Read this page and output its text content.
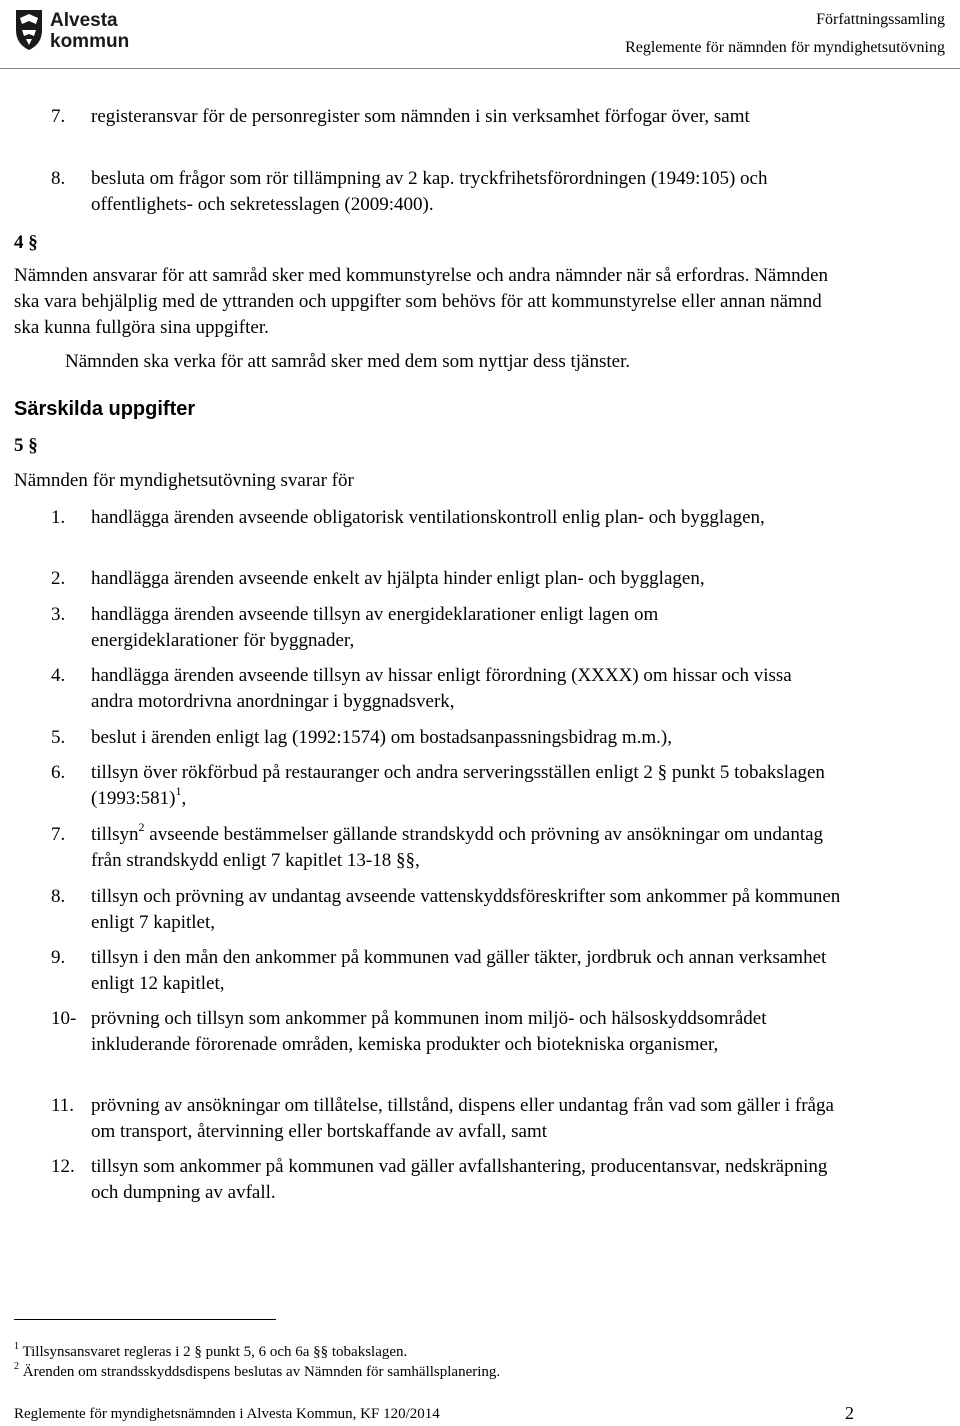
Alvesta
kommun
Författningssamling
Reglemente för nämnden för myndighetsutövning
7. registeransvar för de personregister som nämnden i sin verksamhet förfogar över, samt
8. besluta om frågor som rör tillämpning av 2 kap. tryckfrihetsförordningen (1949:105) och offentlighets- och sekretesslagen (2009:400).
4 §
Nämnden ansvarar för att samråd sker med kommunstyrelse och andra nämnder när så erfordras. Nämnden ska vara behjälplig med de yttranden och uppgifter som behövs för att kommunstyrelse eller annan nämnd ska kunna fullgöra sina uppgifter.
Nämnden ska verka för att samråd sker med dem som nyttjar dess tjänster.
Särskilda uppgifter
5 §
Nämnden för myndighetsutövning svarar för
1. handlägga ärenden avseende obligatorisk ventilationskontroll enlig plan- och bygglagen,
2. handlägga ärenden avseende enkelt av hjälpta hinder enligt plan- och bygglagen,
3. handlägga ärenden avseende tillsyn av energideklarationer enligt lagen om energideklarationer för byggnader,
4. handlägga ärenden avseende tillsyn av hissar enligt förordning (XXXX) om hissar och vissa andra motordrivna anordningar i byggnadsverk,
5. beslut i ärenden enligt lag (1992:1574) om bostadsanpassningsbidrag m.m.),
6. tillsyn över rökförbud på restauranger och andra serveringsställen enligt 2 § punkt 5 tobakslagen (1993:581)$^1$,
7. tillsyn$^2$ avseende bestämmelser gällande strandskydd och prövning av ansökningar om undantag från strandskydd enligt 7 kapitlet 13-18 §§,
8. tillsyn och prövning av undantag avseende vattenskyddsföreskrifter som ankommer på kommunen enligt 7 kapitlet,
9. tillsyn i den mån den ankommer på kommunen vad gäller täkter, jordbruk och annan verksamhet enligt 12 kapitlet,
10- prövning och tillsyn som ankommer på kommunen inom miljö- och hälsoskyddsområdet inkluderande förorenade områden, kemiska produkter och biotekniska organismer,
11. prövning av ansökningar om tillåtelse, tillstånd, dispens eller undantag från vad som gäller i fråga om transport, återvinning eller bortskaffande av avfall, samt
12. tillsyn som ankommer på kommunen vad gäller avfallshantering, producentansvar, nedskräpning och dumpning av avfall.
$^1$ Tillsynsansvaret regleras i 2 § punkt 5, 6 och 6a §§ tobakslagen.
$^2$ Ärenden om strandsskyddsdispens beslutas av Nämnden för samhällsplanering.
Reglemente för myndighetsnämnden i Alvesta Kommun, KF 120/2014	2
